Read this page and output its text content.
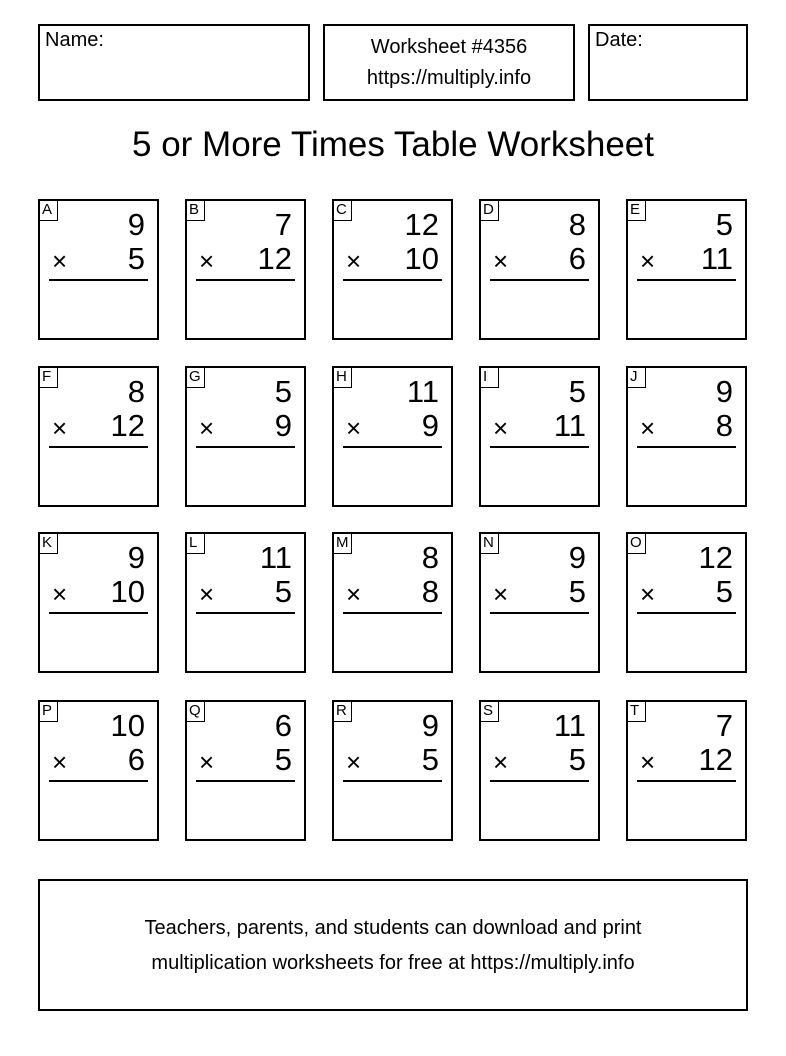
Name:	Worksheet #4356
https://multiply.info
Date:
5 or More Times Table Worksheet
A 9
× 5
B 7
× 12
C 12
× 10
D 8
× 6
E 5
× 11
F 8
× 12
G 5
× 9
H 11
× 9
I	5
× 11
J	9
× 8
K 9
× 10
L 11
× 5
M 8
× 8
N 9
× 5
O 12
× 5
P 10
× 6
Q 6
× 5
R 9
× 5
S 11
× 5
T 7
× 12
Teachers, parents, and students can download and print
multiplication worksheets for free at https://multiply.info
